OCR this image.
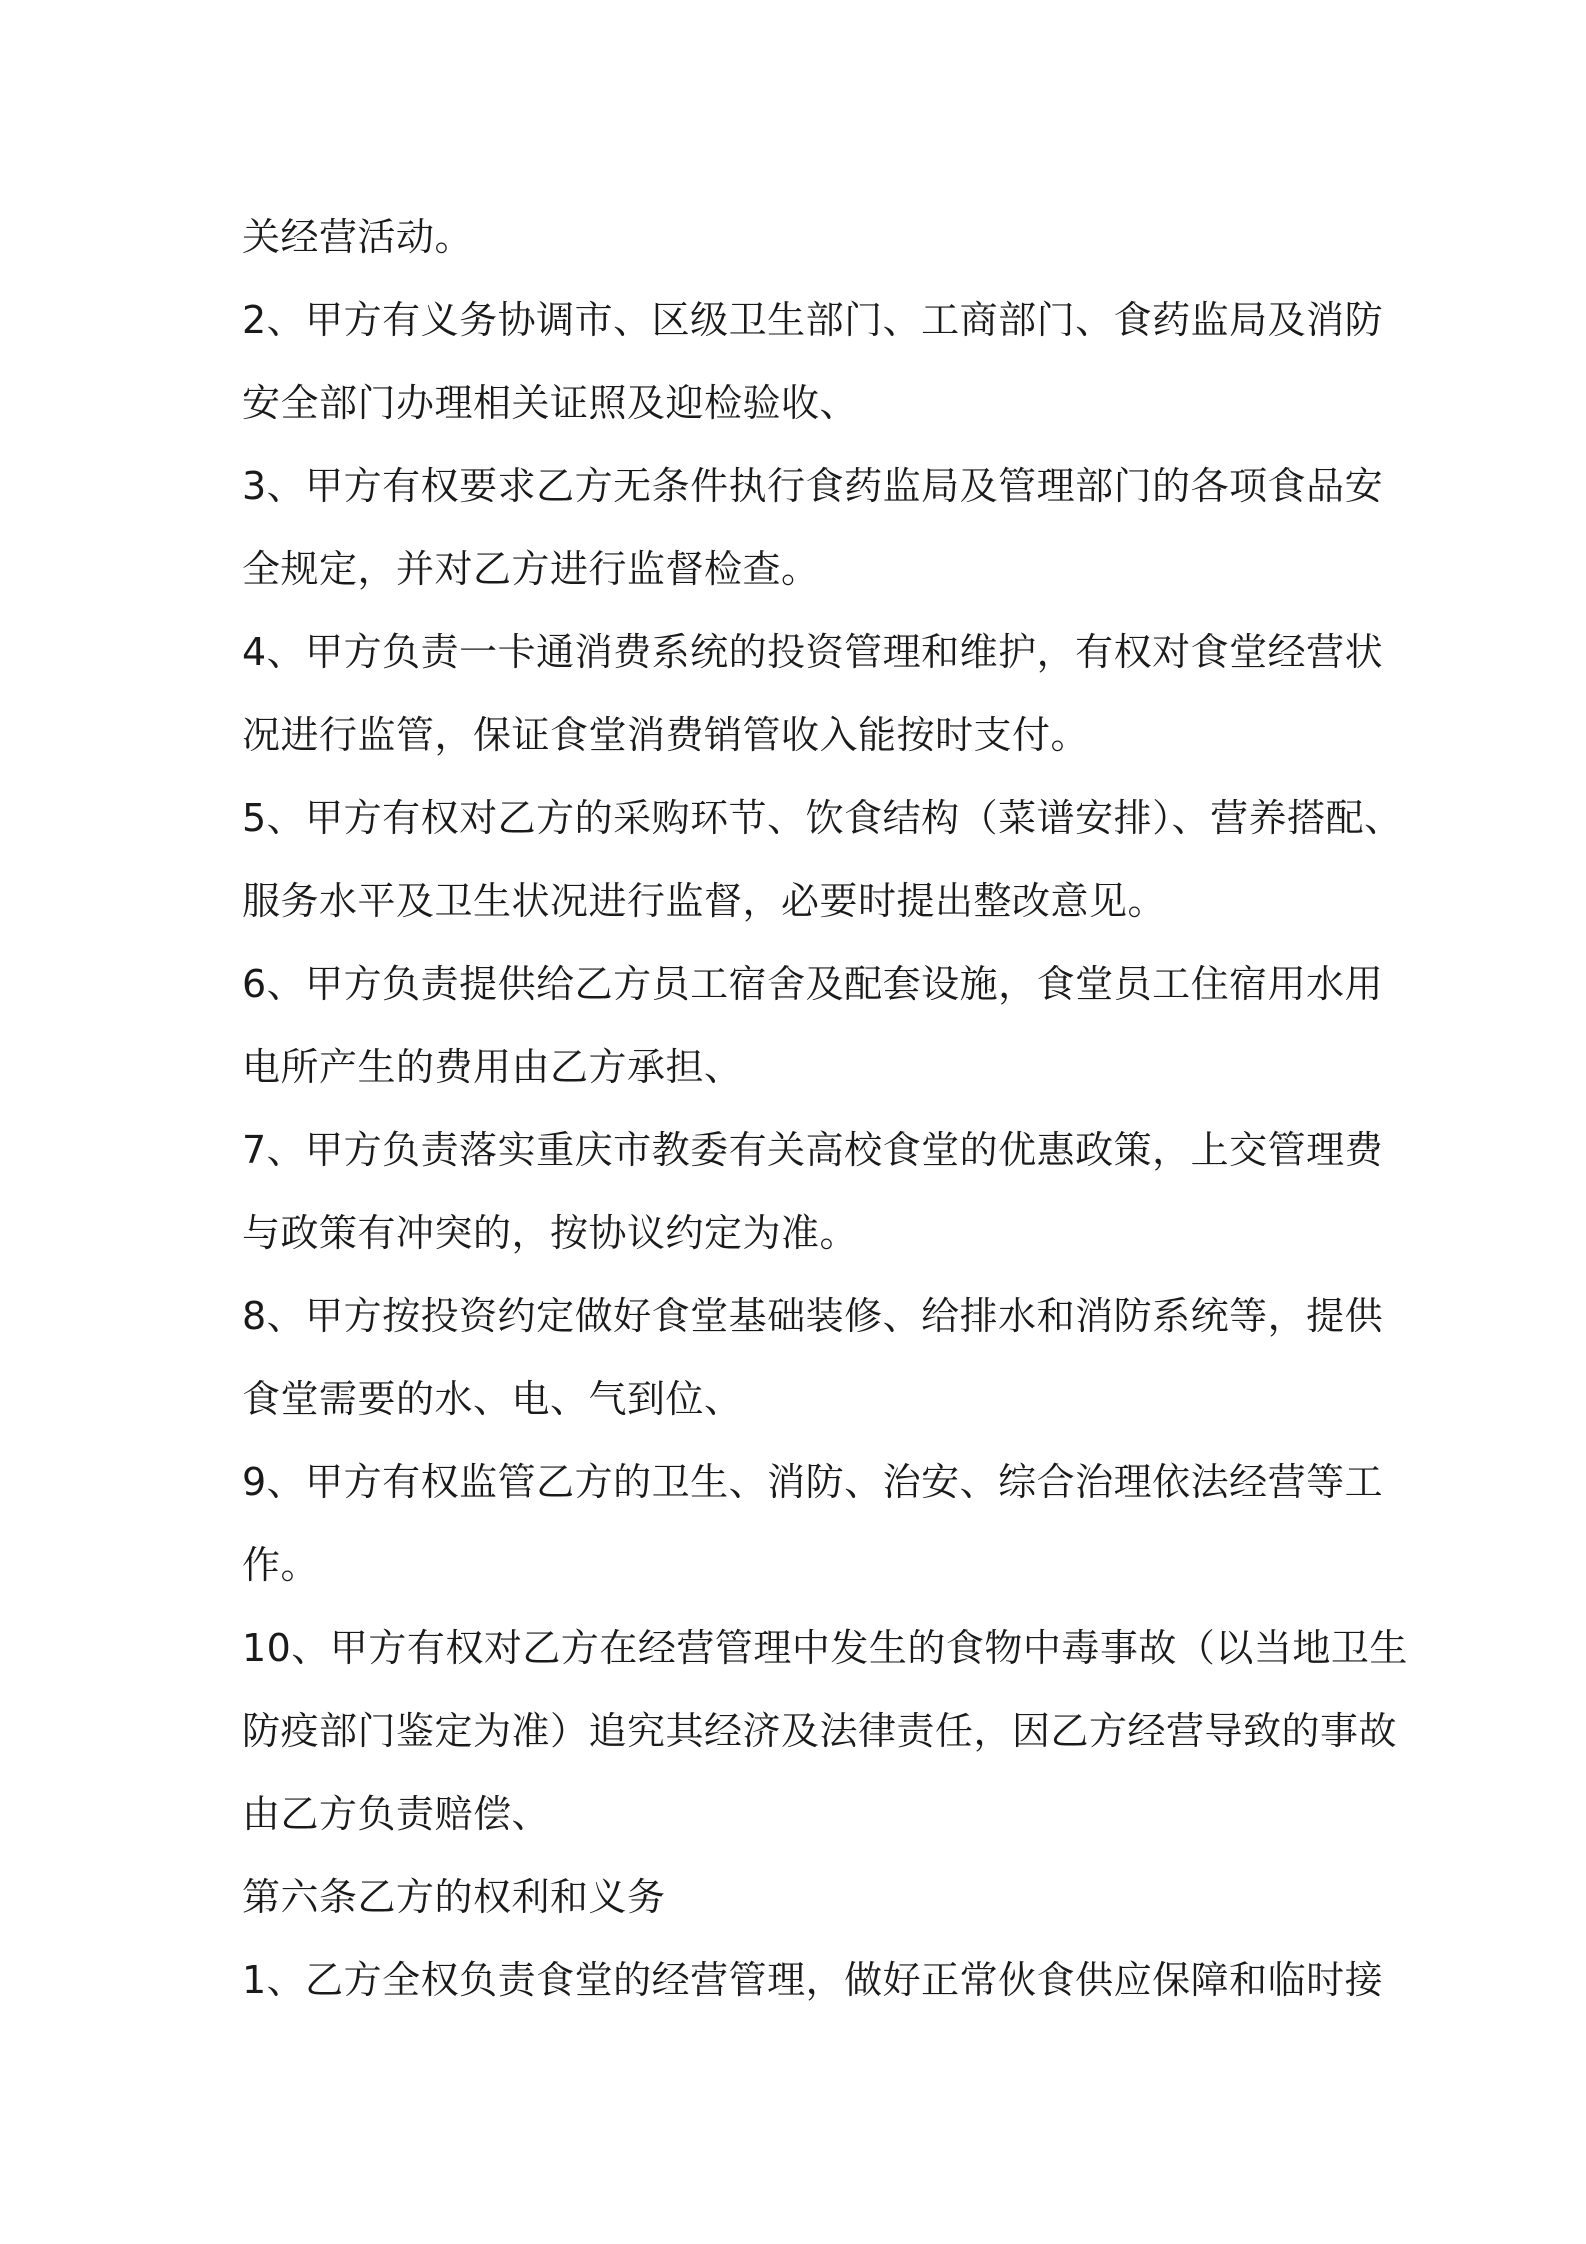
关经营活动。
2、甲方有义务协调市、区级卫生部门、工商部门、食药监局及消防
安全部门办理相关证照及迎检验收、
3、甲方有权要求乙方无条件执行食药监局及管理部门的各项食品安
全规定，并对乙方进行监督检查。
4、甲方负责一卡通消费系统的投资管理和维护，有权对食堂经营状
况进行监管，保证食堂消费销管收入能按时支付。
5、甲方有权对乙方的采购环节、饮食结构（菜谱安排）、营养搭配、
服务水平及卫生状况进行监督，必要时提出整改意见。
6、甲方负责提供给乙方员工宿舍及配套设施，食堂员工住宿用水用
电所产生的费用由乙方承担、
7、甲方负责落实重庆市教委有关高校食堂的优惠政策，上交管理费
与政策有冲突的，按协议约定为准。
8、甲方按投资约定做好食堂基础装修、给排水和消防系统等，提供
食堂需要的水、电、气到位、
9、甲方有权监管乙方的卫生、消防、治安、综合治理依法经营等工
作。
10、甲方有权对乙方在经营管理中发生的食物中毒事故（以当地卫生
防疫部门鉴定为准）追究其经济及法律责任，因乙方经营导致的事故
由乙方负责赔偿、
第六条乙方的权利和义务
1、乙方全权负责食堂的经营管理，做好正常伙食供应保障和临时接
